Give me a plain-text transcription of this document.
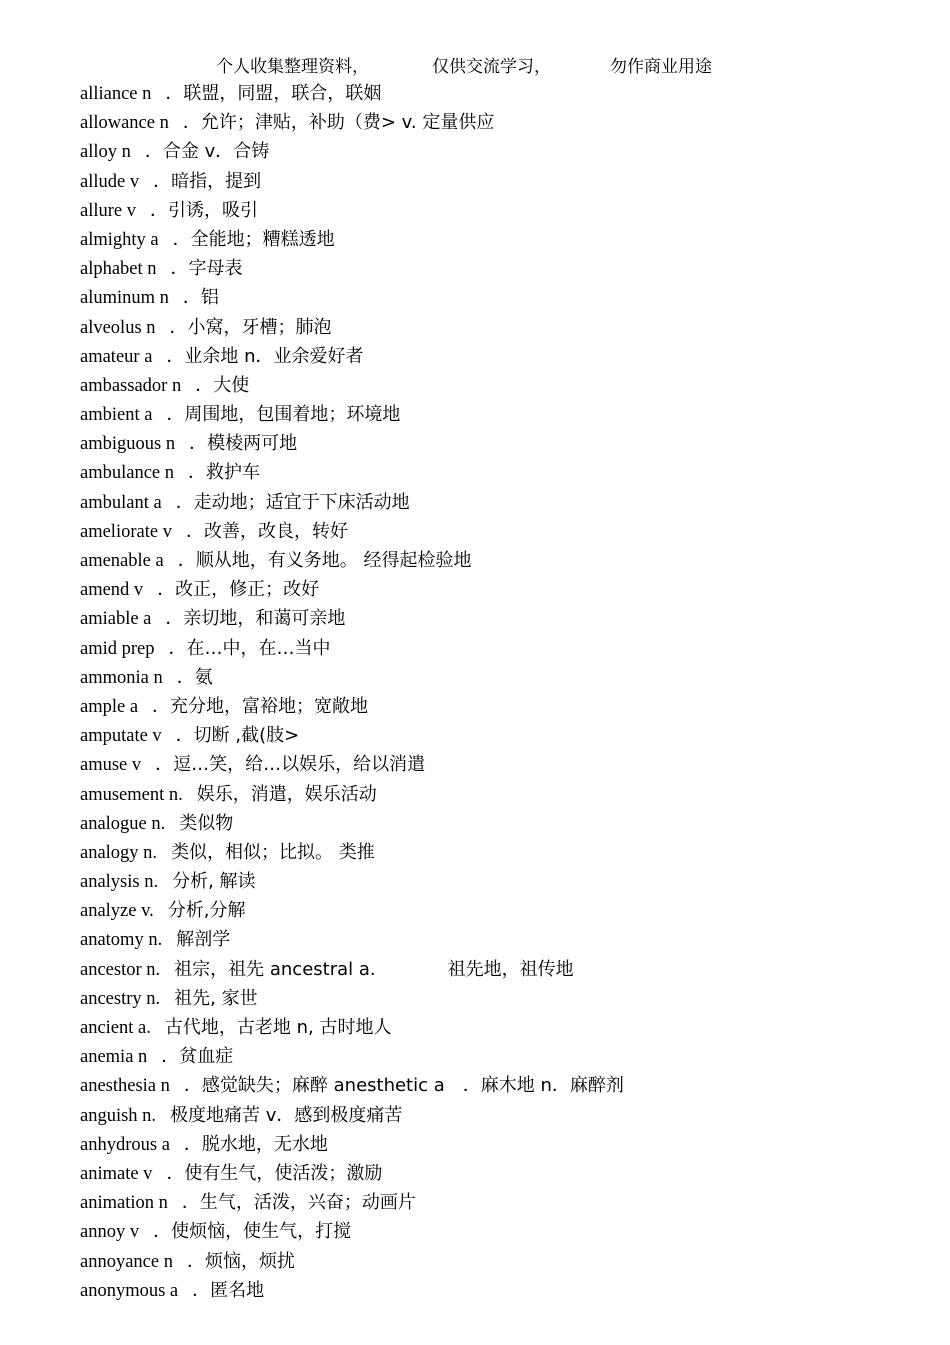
个人收集整理资料，	仅供交流学习，	勿作商业用途
alliance n ．联盟，同盟，联合，联姻
allowance n ．允许；津贴，补助（费> v. 定量供应
alloy n ．合金 v．合铸
allude v ．暗指，提到
allure v ．引诱，吸引
almighty a ．全能地；糟糕透地
alphabet n ．字母表
aluminum n ．铝
alveolus n ．小窝，牙槽；肺泡
amateur a ．业余地 n．业余爱好者
ambassador n ．大使
ambient a ．周围地，包围着地；环境地
ambiguous n ．模棱两可地
ambulance n ．救护车
ambulant a ．走动地；适宜于下床活动地
ameliorate v ．改善，改良，转好
amenable a ．顺从地，有义务地。 经得起检验地
amend v ．改正，修正；改好
amiable a ．亲切地，和蔼可亲地
amid prep ．在…中，在…当中
ammonia n ．氨
ample a ．充分地，富裕地；宽敞地
amputate v ．切断 ,截(肢>
amuse v ．逗…笑，给…以娱乐，给以消遣
amusement n. 娱乐，消遣，娱乐活动
analogue n. 类似物
analogy n. 类似，相似；比拟。 类推
analysis n. 分析, 解读
analyze v. 分析,分解
anatomy n. 解剖学
ancestor n. 祖宗，祖先 ancestral a.　　　　祖先地，祖传地
ancestry n. 祖先, 家世
ancient a. 古代地，古老地 n, 古时地人
anemia n ．贫血症
anesthesia n ．感觉缺失；麻醉 anesthetic a　．麻木地 n．麻醉剂
anguish n. 极度地痛苦 v．感到极度痛苦
anhydrous a ．脱水地，无水地
animate v ．使有生气，使活泼；激励
animation n ．生气，活泼，兴奋；动画片
annoy v ．使烦恼，使生气，打搅
annoyance n ．烦恼，烦扰
anonymous a ．匿名地
